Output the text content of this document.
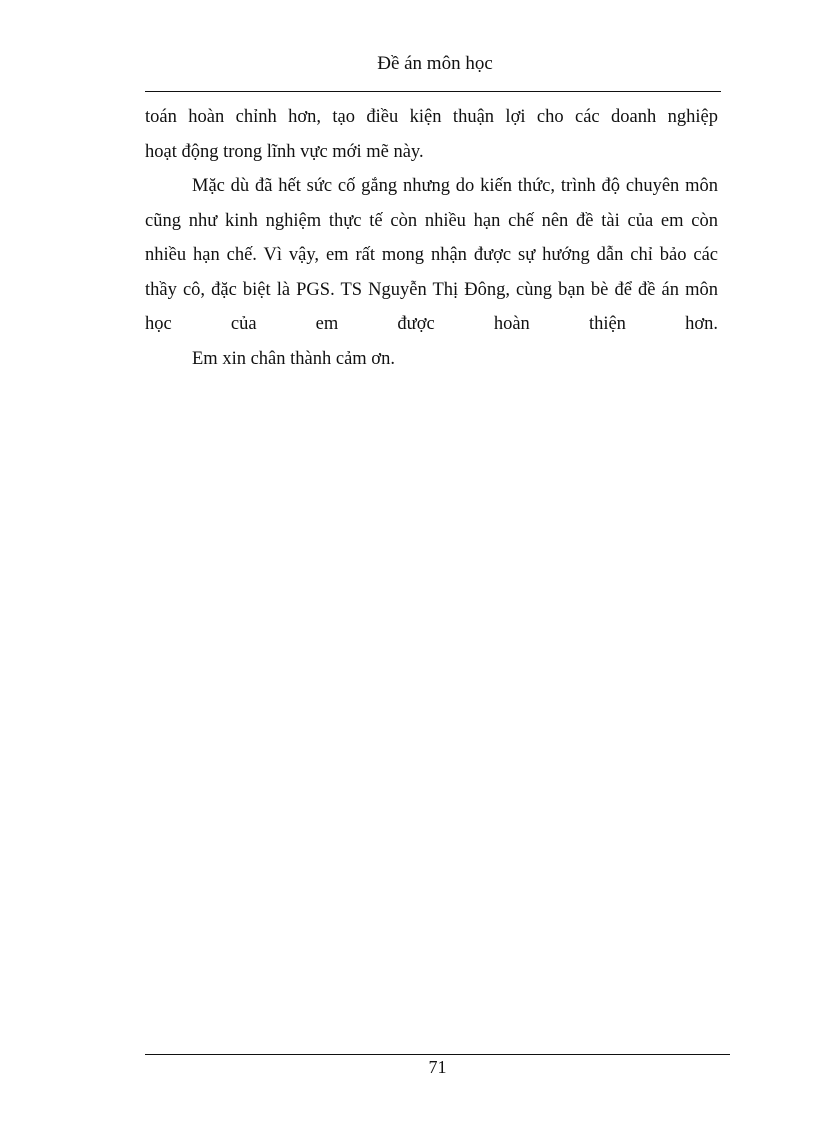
Đề án môn học
toán hoàn chỉnh hơn, tạo điều kiện thuận lợi cho các doanh nghiệp
hoạt động trong lĩnh vực mới mẽ này.
Mặc dù đã hết sức cố gắng nhưng do kiến thức, trình độ chuyên môn
cũng như kinh nghiệm thực tế còn nhiều hạn chế nên đề tài của em còn
nhiều hạn chế. Vì vậy, em rất mong nhận được sự hướng dẫn chỉ bảo các
thầy cô, đặc biệt là PGS. TS Nguyễn Thị Đông, cùng bạn bè để đề án môn
học của em được hoàn thiện hơn.
Em xin chân thành cảm ơn.
71
